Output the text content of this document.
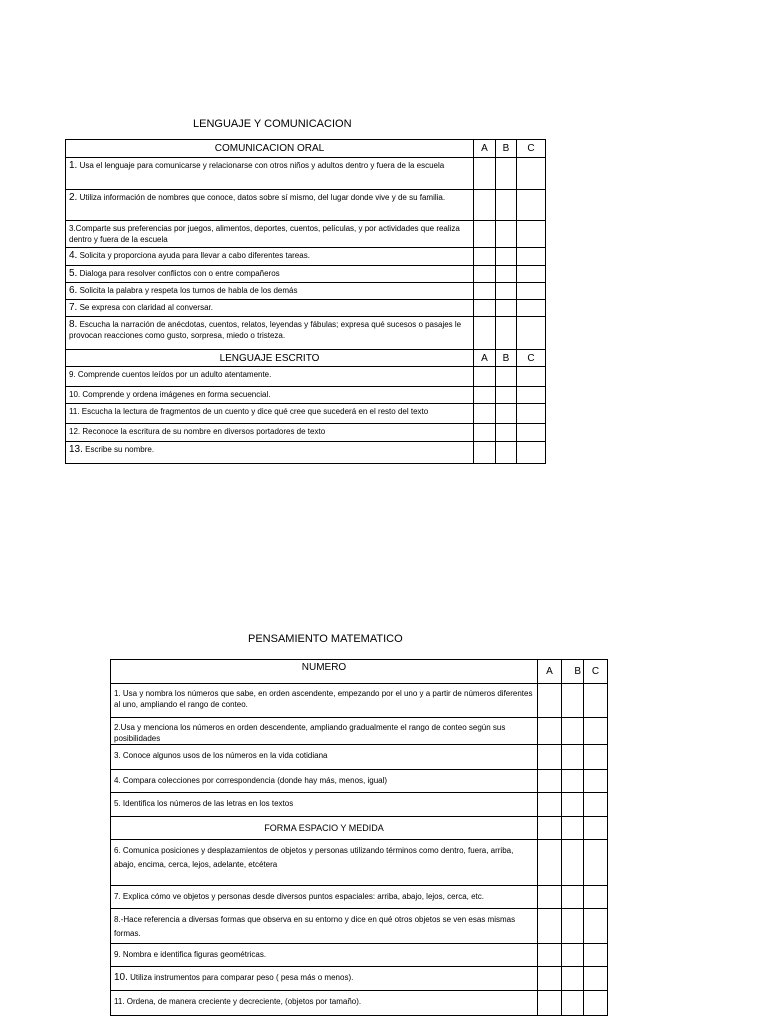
LENGUAJE Y COMUNICACION
COMUNICACION ORAL	A	B	C
1. Usa el lenguaje para comunicarse y relacionarse con otros niños y adultos dentro y fuera de la escuela			
2. Utiliza información de nombres que conoce, datos sobre sí mismo, del lugar donde vive y de su familia.			
3.Comparte sus preferencias por juegos, alimentos, deportes, cuentos, películas, y por actividades que realiza dentro y fuera de la escuela			
4. Solicita y proporciona ayuda para llevar a cabo diferentes tareas.			
5. Dialoga para resolver conflictos con o entre compañeros			
6. Solicita la palabra y respeta los turnos de habla de los demás			
7. Se expresa con claridad al conversar.			
8. Escucha la narración de anécdotas, cuentos, relatos, leyendas y fábulas; expresa qué sucesos o pasajes le provocan reacciones como gusto, sorpresa, miedo o tristeza.			
LENGUAJE ESCRITO	A	B	C
9. Comprende cuentos leídos por un adulto atentamente.			
10. Comprende y ordena imágenes en forma secuencial.			
11. Escucha la lectura de fragmentos de un cuento y dice qué cree que sucederá en el resto del texto			
12. Reconoce la escritura de su nombre en diversos portadores de texto			
13. Escribe su nombre.			
PENSAMIENTO MATEMATICO
NUMERO	A	B	C
1. Usa y nombra los números que sabe, en orden ascendente, empezando por el uno y a partir de números diferentes al uno, ampliando el rango de conteo.			
2.Usa y menciona los números en orden descendente, ampliando gradualmente el rango de conteo según sus posibilidades			
3. Conoce algunos usos de los números en la vida cotidiana			
4. Compara colecciones por correspondencia (donde hay más, menos, igual)			
5. Identifica los números de las letras en los textos			
FORMA ESPACIO Y MEDIDA			
6. Comunica posiciones y desplazamientos de objetos y personas utilizando términos como dentro, fuera, arriba, abajo, encima, cerca, lejos, adelante, etcétera			
7. Explica cómo ve objetos y personas desde diversos puntos espaciales: arriba, abajo, lejos, cerca, etc.			
8.-Hace referencia a diversas formas que observa en su entorno y dice en qué otros objetos se ven esas mismas formas.			
9. Nombra e identifica figuras geométricas.			
10. Utiliza instrumentos para comparar peso ( pesa más o menos).			
11. Ordena, de manera creciente y decreciente, (objetos por tamaño).			
